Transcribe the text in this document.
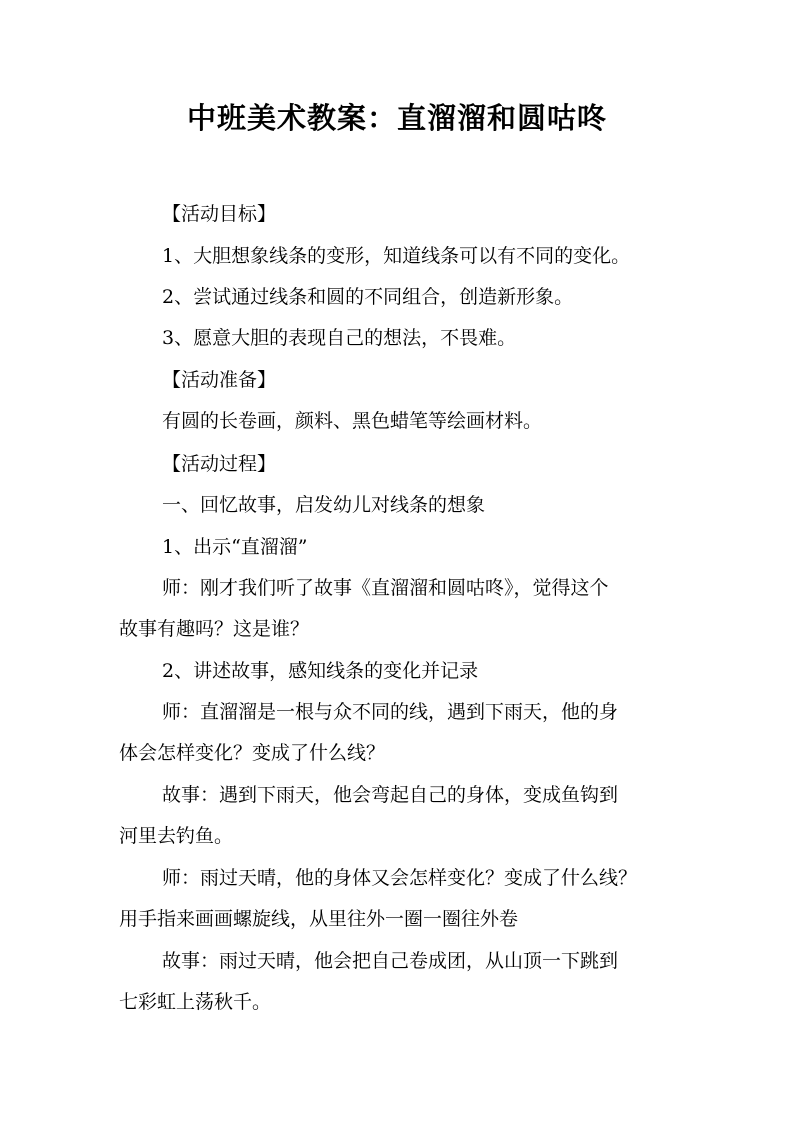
中班美术教案：直溜溜和圆咕咚

【活动目标】

1、大胆想象线条的变形，知道线条可以有不同的变化。

2、尝试通过线条和圆的不同组合，创造新形象。

3、愿意大胆的表现自己的想法，不畏难。

【活动准备】

有圆的长卷画，颜料、黑色蜡笔等绘画材料。

【活动过程】

一、回忆故事，启发幼儿对线条的想象

1、出示“直溜溜”

师：刚才我们听了故事《直溜溜和圆咕咚》，觉得这个

故事有趣吗？这是谁？

2、讲述故事，感知线条的变化并记录

师：直溜溜是一根与众不同的线，遇到下雨天，他的身

体会怎样变化？变成了什么线？

故事：遇到下雨天，他会弯起自己的身体，变成鱼钩到

河里去钓鱼。

师：雨过天晴，他的身体又会怎样变化？变成了什么线？

用手指来画画螺旋线，从里往外一圈一圈往外卷

故事：雨过天晴，他会把自己卷成团，从山顶一下跳到

七彩虹上荡秋千。
